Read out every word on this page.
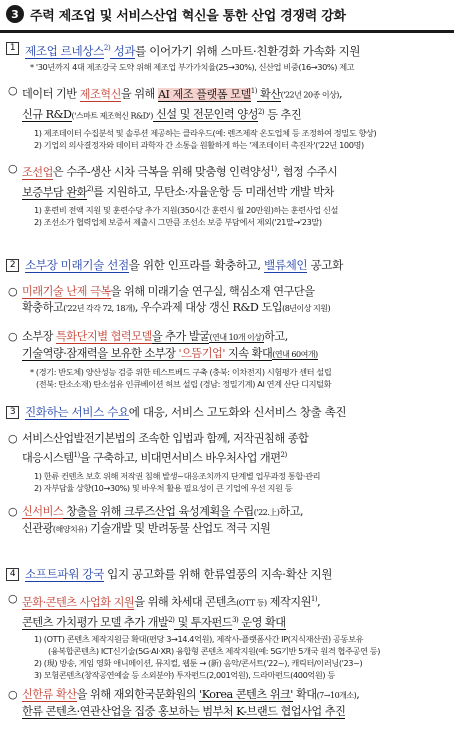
3 주력 제조업 및 서비스산업 혁신을 통한 산업 경쟁력 강화
1 제조업 르네상스$^{2)}$ 성과를 이어가기 위해 스마트·친환경화 가속화 지원
* '30년까지 4대 제조강국 도약 위해 제조업 부가가치율(25→30%), 신산업 비중(16→30%) 제고
○ 데이터 기반 제조혁신을 위해 AI 제조 플랫폼 모델$^{1)}$ 확산('22년 20종 이상),
신규 R&D('스마트 제조혁신 R&D') 신설 및 전문인력 양성$^{2)}$ 등 추진
1) 제조데이터 수집분석 및 솔루션 제공하는 클라우드(예: 렌즈제작 온도업체 등 조정하여 정밀도 향상)
2) 기업의 의사결정자와 데이터 과학자 간 소통을 원활하게 하는 '제조데이터 촉진자'('22년 100명)
○ 조선업은 수주-생산 시차 극복을 위해 맞춤형 인력양성$^{1)}$, 협정 수주시
보증부담 완화$^{2)}$를 지원하고, 무탄소·자율운항 등 미래선박 개발 박차
1) 훈련비 전액 지원 및 훈련수당 추가 지원(350시간 훈련시 월 20만원)하는 훈련사업 신설
2) 조선소가 협력업체 보증서 제출시 그만큼 조선소 보증 부담에서 제외('21말→'23말)
2 소부장 미래기술 선점을 위한 인프라를 확충하고, 밸류체인 공고화
○ 미래기술 난제 극복을 위해 미래기술 연구실, 핵심소재 연구단을
확충하고('22년 각각 72, 18개), 우수과제 대상 갱신 R&D 도입(8년이상 지원)
○ 소부장 특화단지별 협력모델을 추가 발굴(연내 10개 이상)하고,
기술역량·잠재력을 보유한 소부장 '으뜸기업' 지속 확대(연내 60여개)
* (경기: 반도체) 양산성능 검증 위한 테스트베드 구축 (충북: 이차전지) 시험평가 센터 설립
(전북: 탄소소재) 탄소섬유 인큐베이션 허브 설립 (경남: 정밀기계) AI 연계 산단 디지털화
3 진화하는 서비스 수요에 대응, 서비스 고도화와 신서비스 창출 촉진
○ 서비스산업발전기본법의 조속한 입법과 함께, 저작권침해 종합
대응시스템$^{1)}$을 구축하고, 비대면서비스 바우처사업 개편$^{2)}$
1) 한류 컨텐츠 보호 위해 저작권 침해 발생~대응조치까지 단계별 업무과정 통합·관리
2) 자부담율 상향(10→30%) 및 바우처 활용 필요성이 큰 기업에 우선 지원 등
○ 신서비스 창출을 위해 크루즈산업 육성계획을 수립('22.上)하고,
신관광(해양치유) 기술개발 및 반려동물 산업도 적극 지원
4 소프트파워 강국 입지 공고화를 위해 한류열풍의 지속·확산 지원
○ 문화·콘텐츠 사업화 지원을 위해 차세대 콘텐츠(OTT 등) 제작지원$^{1)}$,
콘텐츠 가치평가 모델 추가 개발$^{2)}$ 및 투자펀드$^{3)}$ 운영 확대
1) (OTT) 콘텐츠 제작지원금 확대(편당 3→14.4억원), 제작사-플랫폼사간 IP(지식재산권) 공동보유
(융복합콘텐츠) ICT신기술(5G·AI·XR) 융합형 콘텐츠 제작지원(예: 5G기반 5개국 원격 협주공연 등)
2) (現) 방송, 게임 영화 애니메이션, 뮤지컬, 웹툰 → (新) 음악/콘서트('22~), 캐릭터/이러닝('23~)
3) 모험콘텐츠(창작공연예술 등 소외분야) 투자펀드(2,001억원), 드라마펀드(400억원) 등
○ 신한류 확산을 위해 재외한국문화원의 'Korea 콘텐츠 위크' 확대(7→10개소),
한류 콘텐츠·연관산업을 집중 홍보하는 범부처 K-브랜드 협업사업 추진
